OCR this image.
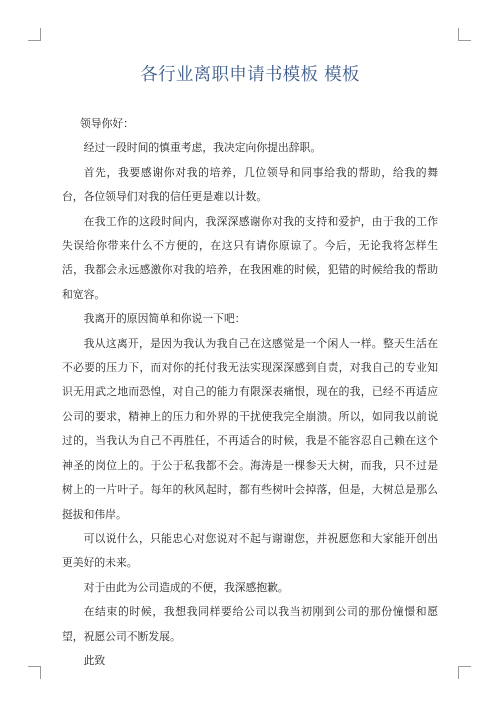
各行业离职申请书模板 模板

领导你好：

经过一段时间的慎重考虑，我决定向你提出辞职。

首先，我要感谢你对我的培养，几位领导和同事给我的帮助，给我的舞台，各位领导们对我的信任更是难以计数。

在我工作的这段时间内，我深深感谢你对我的支持和爱护，由于我的工作失误给你带来什么不方便的，在这只有请你原谅了。今后，无论我将怎样生活，我都会永远感激你对我的培养，在我困难的时候，犯错的时候给我的帮助和宽容。

我离开的原因简单和你说一下吧：

我从这离开，是因为我认为我自己在这感觉是一个闲人一样。整天生活在不必要的压力下，而对你的托付我无法实现深深感到自责，对我自己的专业知识无用武之地而恐惶，对自己的能力有限深表痛恨，现在的我，已经不再适应公司的要求，精神上的压力和外界的干扰使我完全崩溃。所以，如同我以前说过的，当我认为自己不再胜任，不再适合的时候，我是不能容忍自己赖在这个神圣的岗位上的。于公于私我都不会。海涛是一棵参天大树，而我，只不过是树上的一片叶子。每年的秋风起时，都有些树叶会掉落，但是，大树总是那么挺拔和伟岸。

可以说什么，只能忠心对您说对不起与谢谢您，并祝愿您和大家能开创出更美好的未来。

对于由此为公司造成的不便，我深感抱歉。

在结束的时候，我想我同样要给公司以我当初刚到公司的那份憧憬和愿望，祝愿公司不断发展。

此致
